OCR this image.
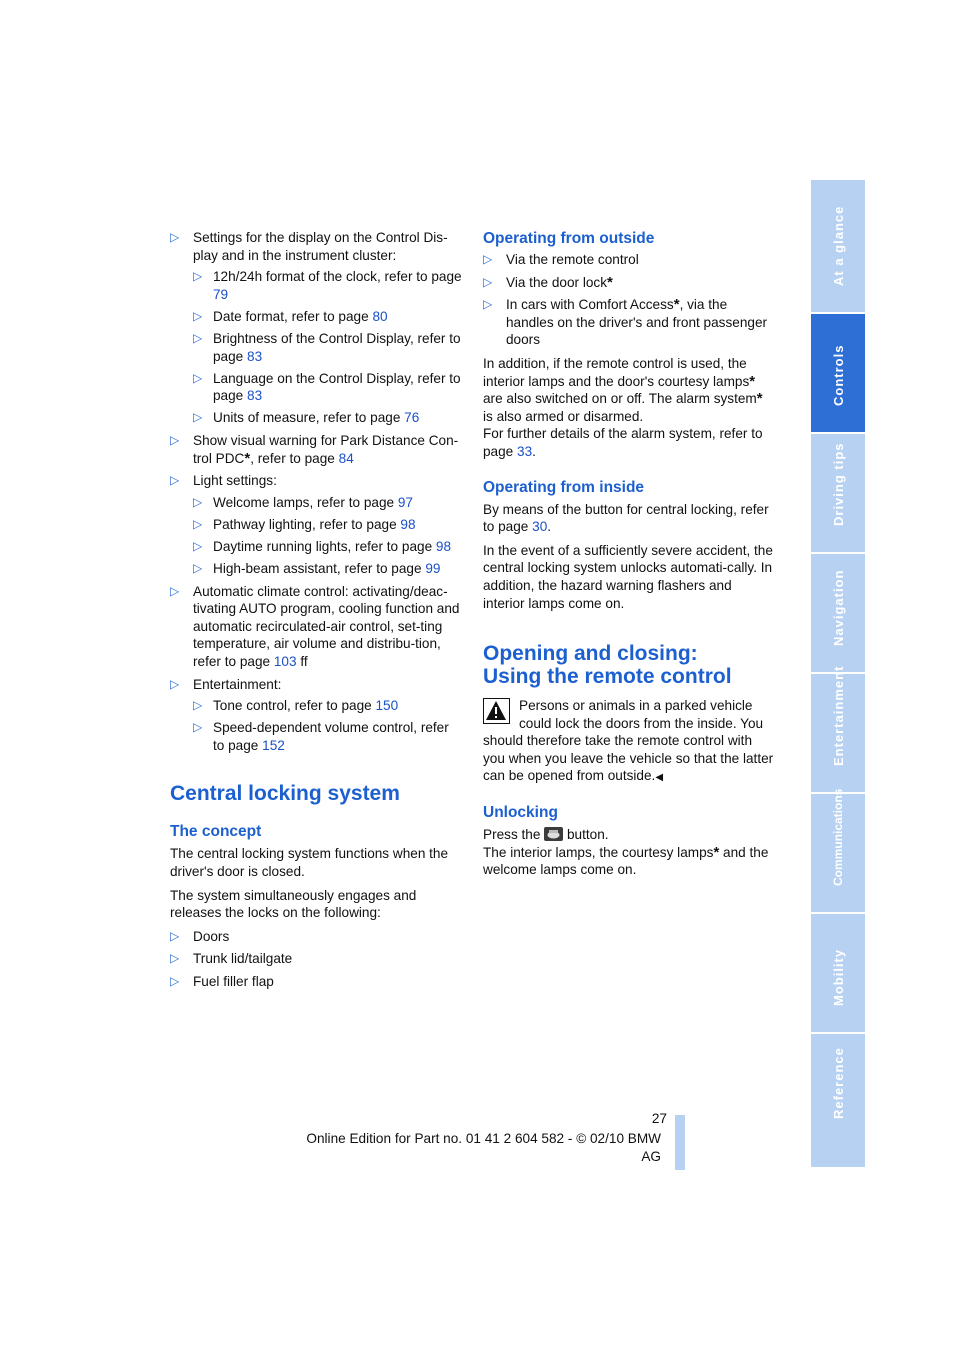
▷ Settings for the display on the Control Dis-play and in the instrument cluster:
▷ 12h/24h format of the clock, refer to page 79
▷ Date format, refer to page 80
▷ Brightness of the Control Display, refer to page 83
▷ Language on the Control Display, refer to page 83
▷ Units of measure, refer to page 76
▷ Show visual warning for Park Distance Con-trol PDC*, refer to page 84
▷ Light settings:
▷ Welcome lamps, refer to page 97
▷ Pathway lighting, refer to page 98
▷ Daytime running lights, refer to page 98
▷ High-beam assistant, refer to page 99
▷ Automatic climate control: activating/deac-tivating AUTO program, cooling function and automatic recirculated-air control, set-ting temperature, air volume and distribu-tion, refer to page 103 ff
▷ Entertainment:
▷ Tone control, refer to page 150
▷ Speed-dependent volume control, refer to page 152
Central locking system
The concept

The central locking system functions when the driver's door is closed.

The system simultaneously engages and releases the locks on the following:

▷ Doors
▷ Trunk lid/tailgate
▷ Fuel filler flap
Operating from outside
▷ Via the remote control
▷ Via the door lock*
▷ In cars with Comfort Access*, via the handles on the driver's and front passenger doors

In addition, if the remote control is used, the interior lamps and the door's courtesy lamps* are also switched on or off. The alarm system* is also armed or disarmed.

For further details of the alarm system, refer to page 33.

Operating from inside

By means of the button for central locking, refer to page 30.

In the event of a sufficiently severe accident, the central locking system unlocks automati-cally. In addition, the hazard warning flashers and interior lamps come on.

Opening and closing:
Using the remote control
Persons or animals in a parked vehicle could lock the doors from the inside. You should therefore take the remote control with you when you leave the vehicle so that the latter can be opened from outside.◀
Unlocking

Press the
button.

The interior lamps, the courtesy lamps* and the welcome lamps come on.

At a glance
Controls
Driving tips
Navigation
Entertainment
Communications
Mobility
Reference
27
Online Edition for Part no. 01 41 2 604 582 - © 02/10 BMW AG
